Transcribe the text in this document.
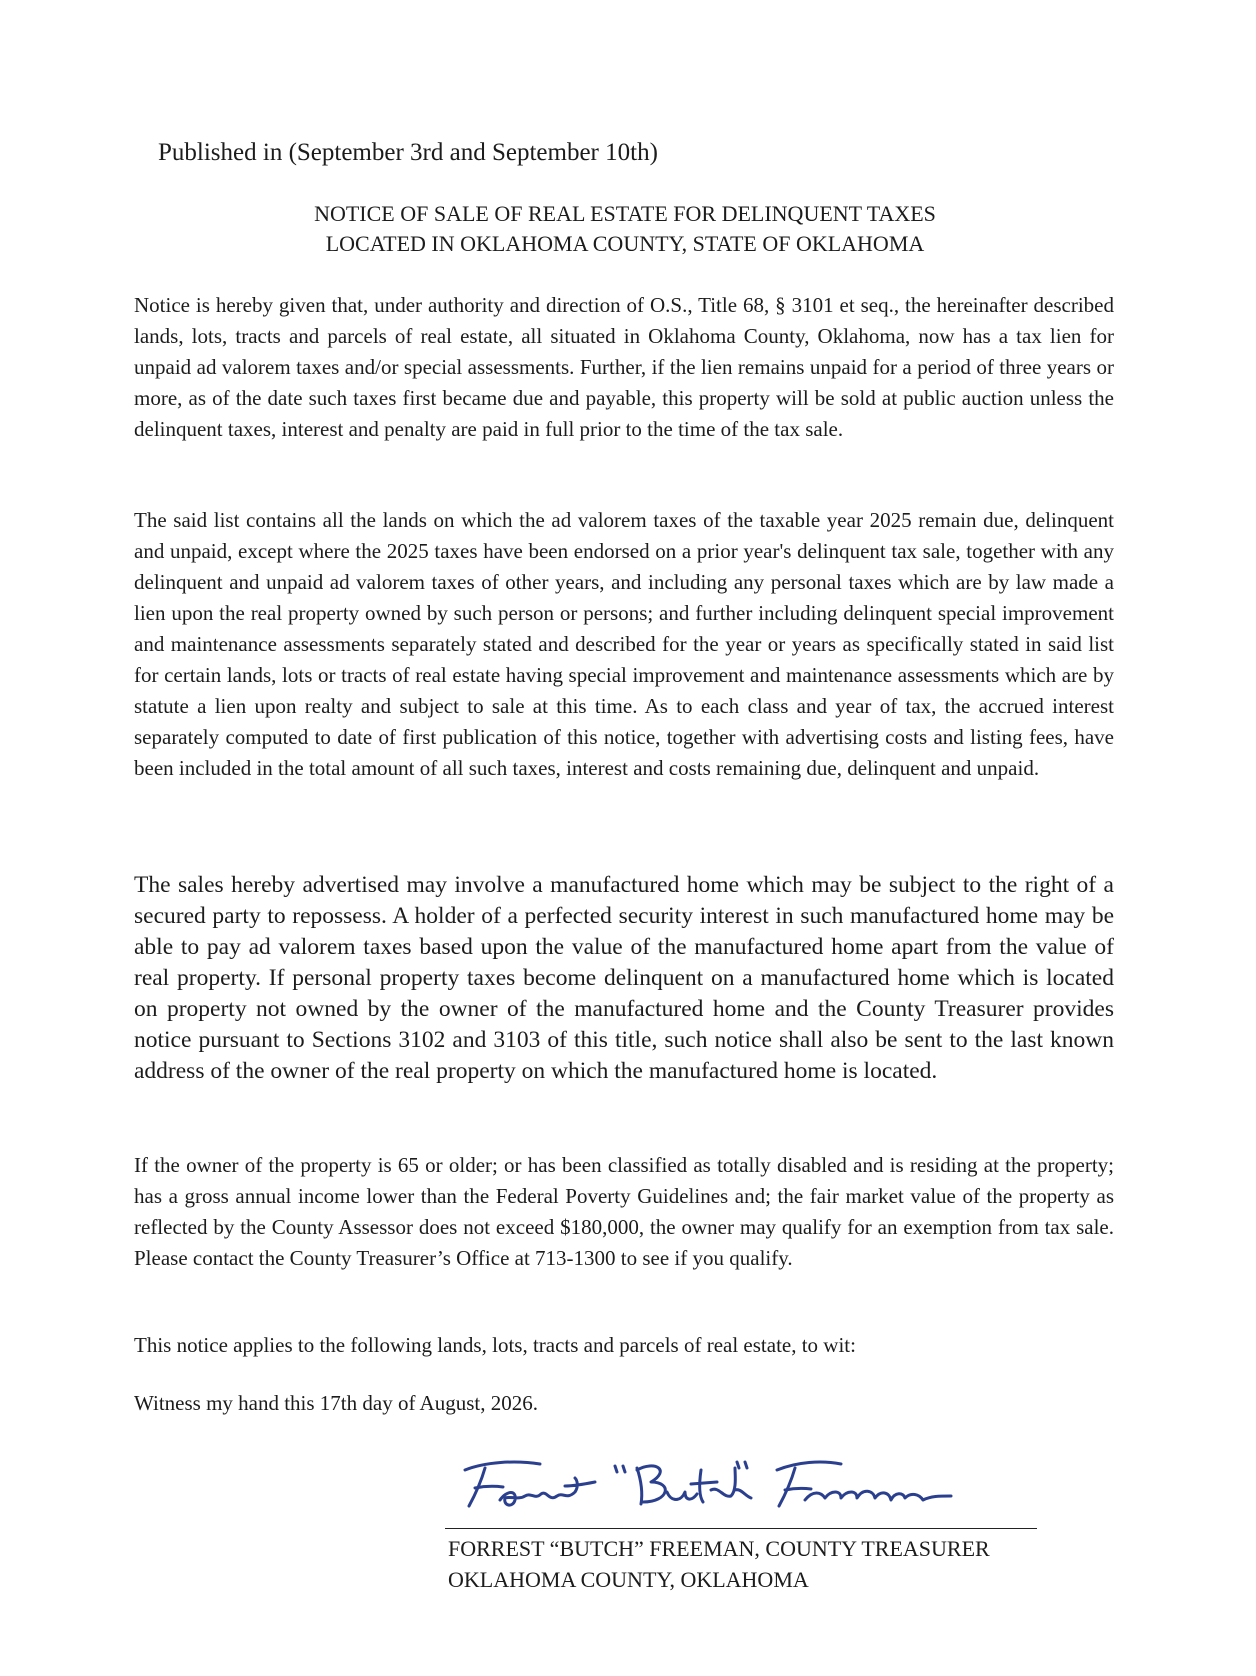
Published in (September 3rd and September 10th)
NOTICE OF SALE OF REAL ESTATE FOR DELINQUENT TAXES
LOCATED IN OKLAHOMA COUNTY, STATE OF OKLAHOMA

Notice is hereby given that, under authority and direction of O.S., Title 68, § 3101 et seq., the hereinafter described lands, lots, tracts and parcels of real estate, all situated in Oklahoma County, Oklahoma, now has a tax lien for unpaid ad valorem taxes and/or special assessments. Further, if the lien remains unpaid for a period of three years or more, as of the date such taxes first became due and payable, this property will be sold at public auction unless the delinquent taxes, interest and penalty are paid in full prior to the time of the tax sale.

The said list contains all the lands on which the ad valorem taxes of the taxable year 2025 remain due, delinquent and unpaid, except where the 2025 taxes have been endorsed on a prior year's delinquent tax sale, together with any delinquent and unpaid ad valorem taxes of other years, and including any personal taxes which are by law made a lien upon the real property owned by such person or persons; and further including delinquent special improvement and maintenance assessments separately stated and described for the year or years as specifically stated in said list for certain lands, lots or tracts of real estate having special improvement and maintenance assessments which are by statute a lien upon realty and subject to sale at this time. As to each class and year of tax, the accrued interest separately computed to date of first publication of this notice, together with advertising costs and listing fees, have been included in the total amount of all such taxes, interest and costs remaining due, delinquent and unpaid.

The sales hereby advertised may involve a manufactured home which may be subject to the right of a secured party to repossess. A holder of a perfected security interest in such manufactured home may be able to pay ad valorem taxes based upon the value of the manufactured home apart from the value of real property. If personal property taxes become delinquent on a manufactured home which is located on property not owned by the owner of the manufactured home and the County Treasurer provides notice pursuant to Sections 3102 and 3103 of this title, such notice shall also be sent to the last known address of the owner of the real property on which the manufactured home is located.

If the owner of the property is 65 or older; or has been classified as totally disabled and is residing at the property; has a gross annual income lower than the Federal Poverty Guidelines and; the fair market value of the property as reflected by the County Assessor does not exceed $180,000, the owner may qualify for an exemption from tax sale. Please contact the County Treasurer’s Office at 713-1300 to see if you qualify.

This notice applies to the following lands, lots, tracts and parcels of real estate, to wit:

Witness my hand this 17th day of August, 2026.

FORREST “BUTCH” FREEMAN, COUNTY TREASURER
OKLAHOMA COUNTY, OKLAHOMA
